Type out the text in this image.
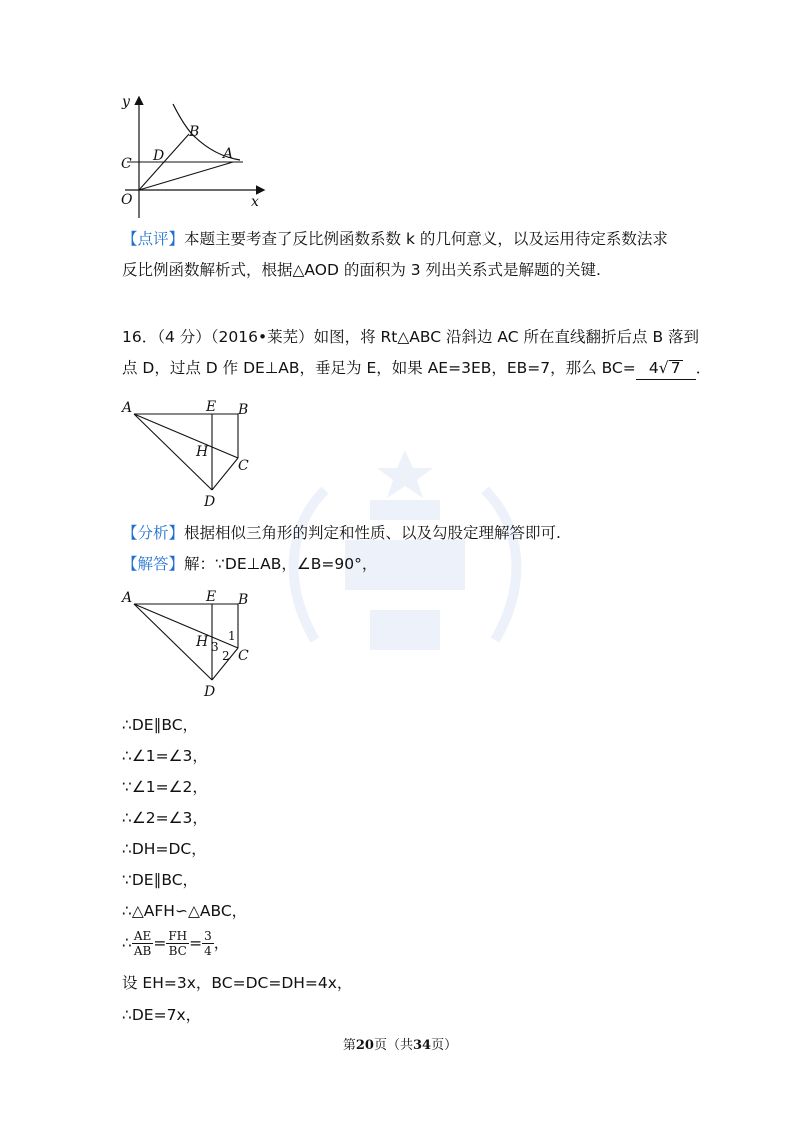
y
x
O
C D
B
A
【点评】本题主要考查了反比例函数系数 k 的几何意义，以及运用待定系数法求
反比例函数解析式，根据△AOD 的面积为 3 列出关系式是解题的关键.
16．（4 分）（2016•莱芜）如图，将 Rt△ABC 沿斜边 AC 所在直线翻折后点 B 落到
点 D，过点 D 作 DE⊥AB，垂足为 E，如果 AE=3EB，EB=7，那么 BC= 4√ 7 ．
A	E B
H
C
D
【分析】根据相似三角形的判定和性质、以及勾股定理解答即可.
【解答】解：∵DE⊥AB，∠B=90°，
A	E B
H
C
D
1
2
3
∴DE∥BC，
∴∠1=∠3，
∵∠1=∠2，
∴∠2=∠3，
∴DH=DC，
∵DE∥BC，
∴△AFH∽△ABC，
∴ $\frac{AE}{AB} = \frac{FH}{BC} = \frac{3}{4}$ ，
设 EH=3x，BC=DC=DH=4x，
∴DE=7x，
第20页（共34页）
